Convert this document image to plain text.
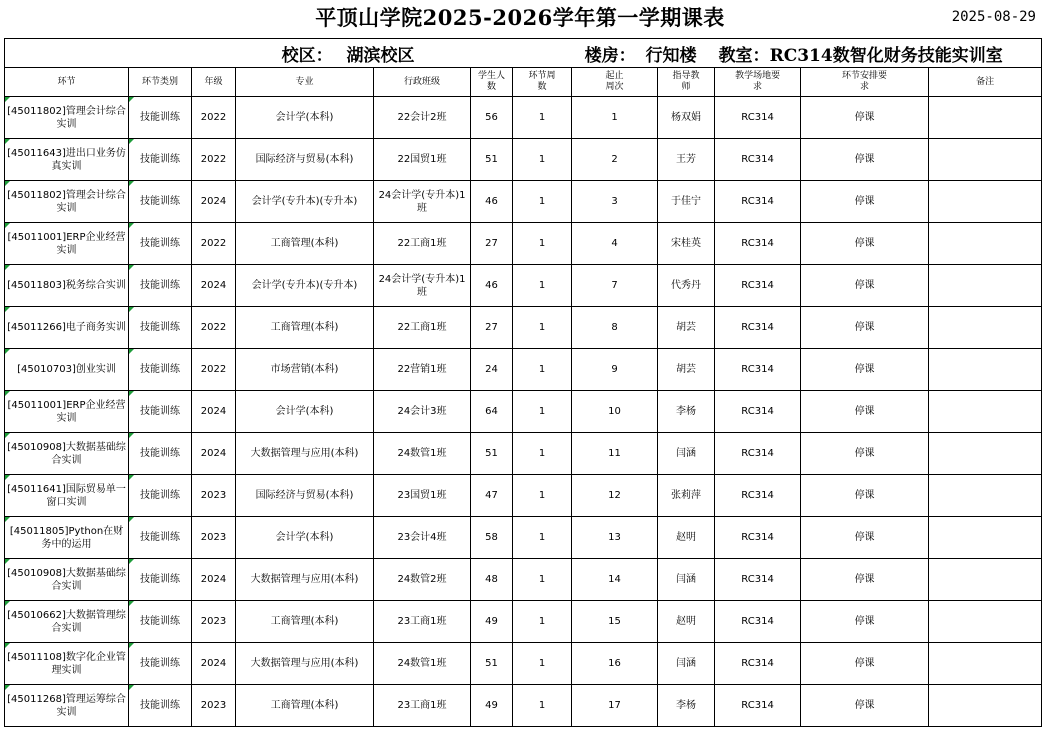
平顶山学院2025-2026学年第一学期课表	2025-08-29
校区： 湖滨校区					楼房： 行知楼				教室：RC314数智化财务技能实训室		
环节	环节类别	年级	专业	行政班级	学生人数	环节周数	起止周次	指导教师	教学场地要求	环节安排要求	备注
[45011802]管理会计综合实训	技能训练	2022	会计学(本科)	22会计2班	56	1	1	杨双娟	RC314	停课	
[45011643]进出口业务仿真实训	技能训练	2022	国际经济与贸易(本科)	22国贸1班	51	1	2	王芳	RC314	停课	
[45011802]管理会计综合实训	技能训练	2024	会计学(专升本)(专升本)	24会计学(专升本)1班	46	1	3	于佳宁	RC314	停课	
[45011001]ERP企业经营实训	技能训练	2022	工商管理(本科)	22工商1班	27	1	4	宋桂英	RC314	停课	
[45011803]税务综合实训	技能训练	2024	会计学(专升本)(专升本)	24会计学(专升本)1班	46	1	7	代秀丹	RC314	停课	
[45011266]电子商务实训	技能训练	2022	工商管理(本科)	22工商1班	27	1	8	胡芸	RC314	停课	
[45010703]创业实训	技能训练	2022	市场营销(本科)	22营销1班	24	1	9	胡芸	RC314	停课	
[45011001]ERP企业经营实训	技能训练	2024	会计学(本科)	24会计3班	64	1	10	李杨	RC314	停课	
[45010908]大数据基础综合实训	技能训练	2024	大数据管理与应用(本科)	24数管1班	51	1	11	闫涵	RC314	停课	
[45011641]国际贸易单一窗口实训	技能训练	2023	国际经济与贸易(本科)	23国贸1班	47	1	12	张莉萍	RC314	停课	
[45011805]Python在财务中的运用	技能训练	2023	会计学(本科)	23会计4班	58	1	13	赵明	RC314	停课	
[45010908]大数据基础综合实训	技能训练	2024	大数据管理与应用(本科)	24数管2班	48	1	14	闫涵	RC314	停课	
[45010662]大数据管理综合实训	技能训练	2023	工商管理(本科)	23工商1班	49	1	15	赵明	RC314	停课	
[45011108]数字化企业管理实训	技能训练	2024	大数据管理与应用(本科)	24数管1班	51	1	16	闫涵	RC314	停课	
[45011268]管理运筹综合实训	技能训练	2023	工商管理(本科)	23工商1班	49	1	17	李杨	RC314	停课	
